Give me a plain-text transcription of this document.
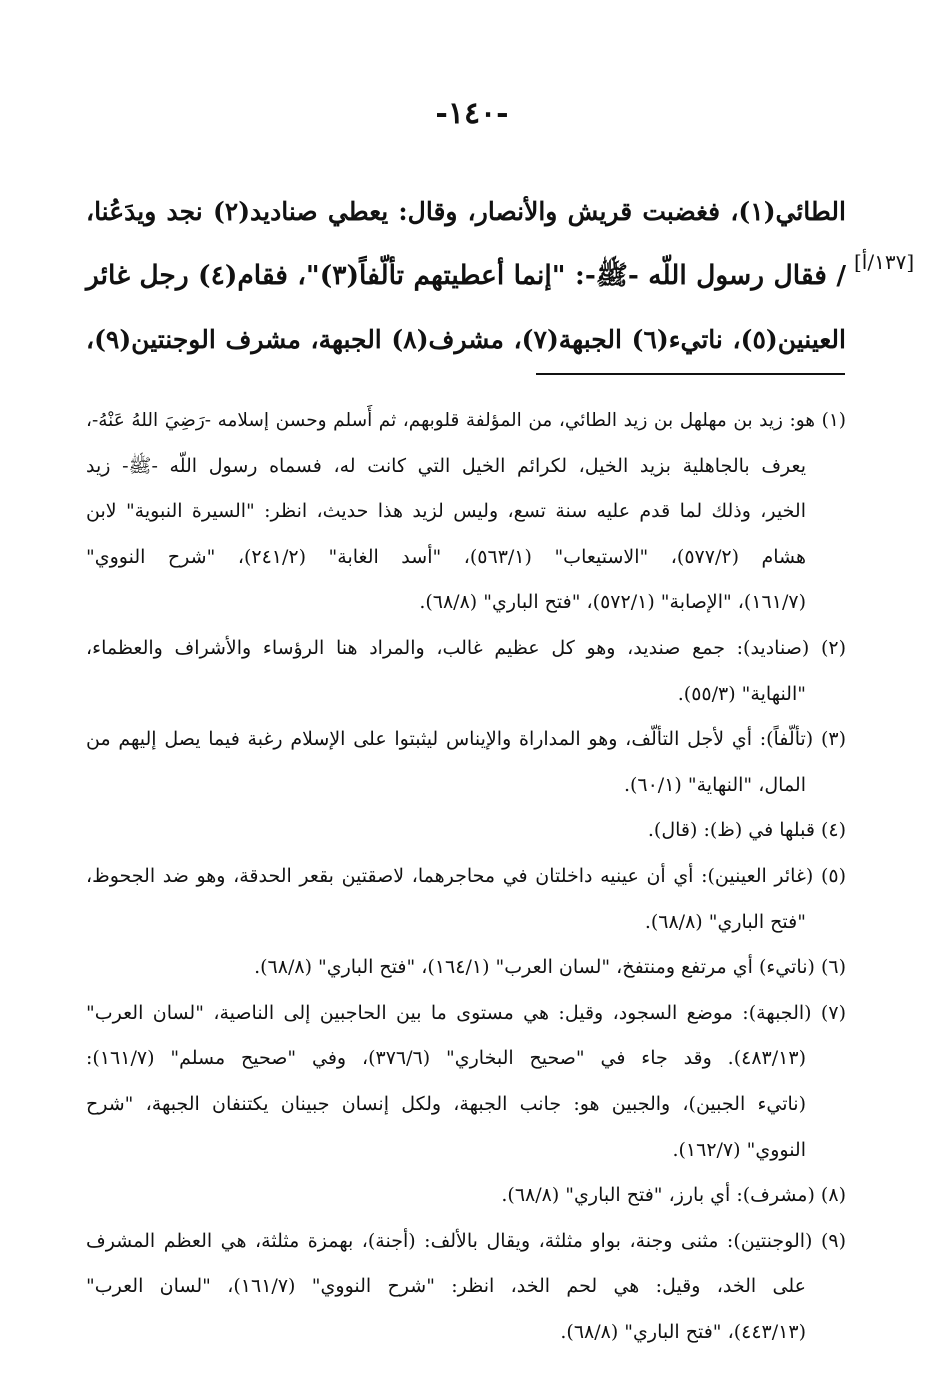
-١٤٠-
[١٣٧/أ]
الطائي(١)، فغضبت قريش والأنصار، وقال: يعطي صناديد(٢) نجد ويدَعُنا،
/ فقال رسول اللّه -ﷺ-: "إنما أعطيتهم تألّفاً(٣)"، فقام(٤) رجل غائر
العينين(٥)، ناتيء(٦) الجبهة(٧)، مشرف(٨) الجبهة، مشرف الوجنتين(٩)،
(١) هو: زيد بن مهلهل بن زيد الطائي، من المؤلفة قلوبهم، ثم أَسلم وحسن إسلامه -رَضِيَ اللهُ عَنْهُ-،
يعرف بالجاهلية بزيد الخيل، لكرائم الخيل التي كانت له، فسماه رسول اللّه -ﷺ- زيد
الخير، وذلك لما قدم عليه سنة تسع، وليس لزيد هذا حديث، انظر: "السيرة النبوية" لابن
هشام (٥٧٧/٢)، "الاستيعاب" (٥٦٣/١)، "أسد الغابة" (٢٤١/٢)، "شرح النووي"
(١٦١/٧)، "الإصابة" (٥٧٢/١)، "فتح الباري" (٦٨/٨).
(٢) (صناديد): جمع صنديد، وهو كل عظيم غالب، والمراد هنا الرؤساء والأشراف والعظماء،
"النهاية" (٥٥/٣).
(٣) (تألّفاً): أي لأجل التألّف، وهو المداراة والإيناس ليثبتوا على الإسلام رغبة فيما يصل إليهم من
المال، "النهاية" (٦٠/١).
(٤) قبلها في (ظ): (قال).
(٥) (غائر العينين): أي أن عينيه داخلتان في محاجرهما، لاصقتين بقعر الحدقة، وهو ضد الجحوظ،
"فتح الباري" (٦٨/٨).
(٦) (ناتيء) أي مرتفع ومنتفخ، "لسان العرب" (١٦٤/١)، "فتح الباري" (٦٨/٨).
(٧) (الجبهة): موضع السجود، وقيل: هي مستوى ما بين الحاجبين إلى الناصية، "لسان العرب"
(٤٨٣/١٣). وقد جاء في "صحيح البخاري" (٣٧٦/٦)، وفي "صحيح مسلم" (١٦١/٧):
(ناتيء الجبين)، والجبين هو: جانب الجبهة، ولكل إنسان جبينان يكتنفان الجبهة، "شرح
النووي" (١٦٢/٧).
(٨) (مشرف): أي بارز، "فتح الباري" (٦٨/٨).
(٩) (الوجنتين): مثنى وجنة، بواو مثلثة، ويقال بالألف: (أجنة)، بهمزة مثلثة، هي العظم المشرف
على الخد، وقيل: هي لحم الخد، انظر: "شرح النووي" (١٦١/٧)، "لسان العرب"
(٤٤٣/١٣)، "فتح الباري" (٦٨/٨).
